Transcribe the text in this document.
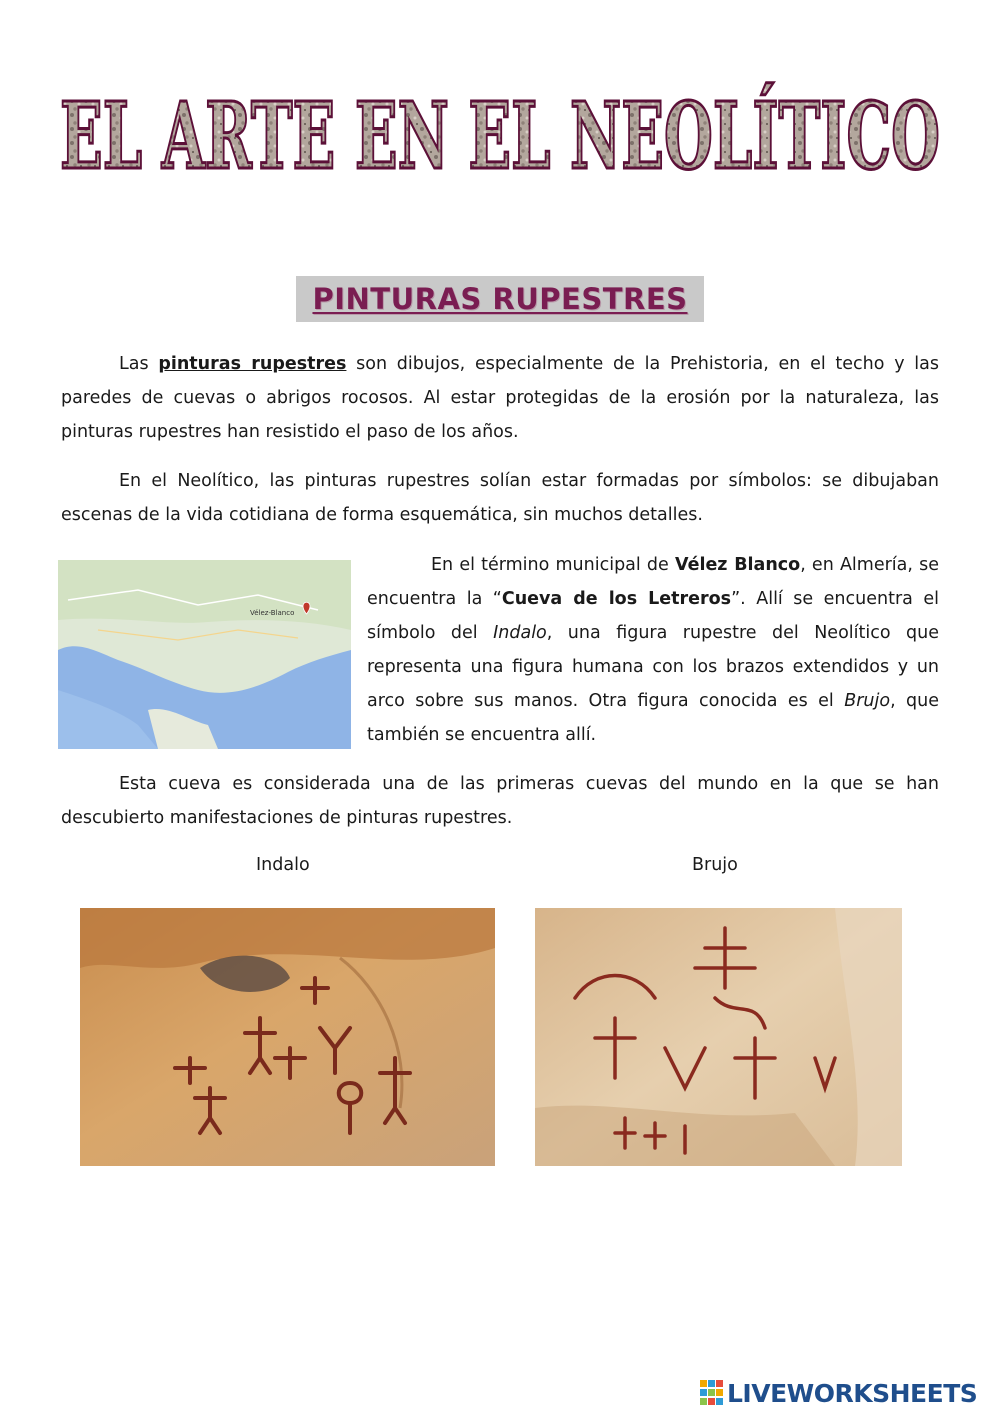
EL ARTE EN EL NEOLÍTICO
PINTURAS RUPESTRES

Las pinturas rupestres son dibujos, especialmente de la Prehistoria, en el techo y las paredes de cuevas o abrigos rocosos. Al estar protegidas de la erosión por la naturaleza, las pinturas rupestres han resistido el paso de los años.

En el Neolítico, las pinturas rupestres solían estar formadas por símbolos: se dibujaban escenas de la vida cotidiana de forma esquemática, sin muchos detalles.

Vélez-Blanco

En el término municipal de Vélez Blanco, en Almería, se encuentra la “Cueva de los Letreros”. Allí se encuentra el símbolo del Indalo, una figura rupestre del Neolítico que representa una figura humana con los brazos extendidos y un arco sobre sus manos. Otra figura conocida es el Brujo, que también se encuentra allí.

Esta cueva es considerada una de las primeras cuevas del mundo en la que se han descubierto manifestaciones de pinturas rupestres.

Indalo	Brujo
LIVEWORKSHEETS
